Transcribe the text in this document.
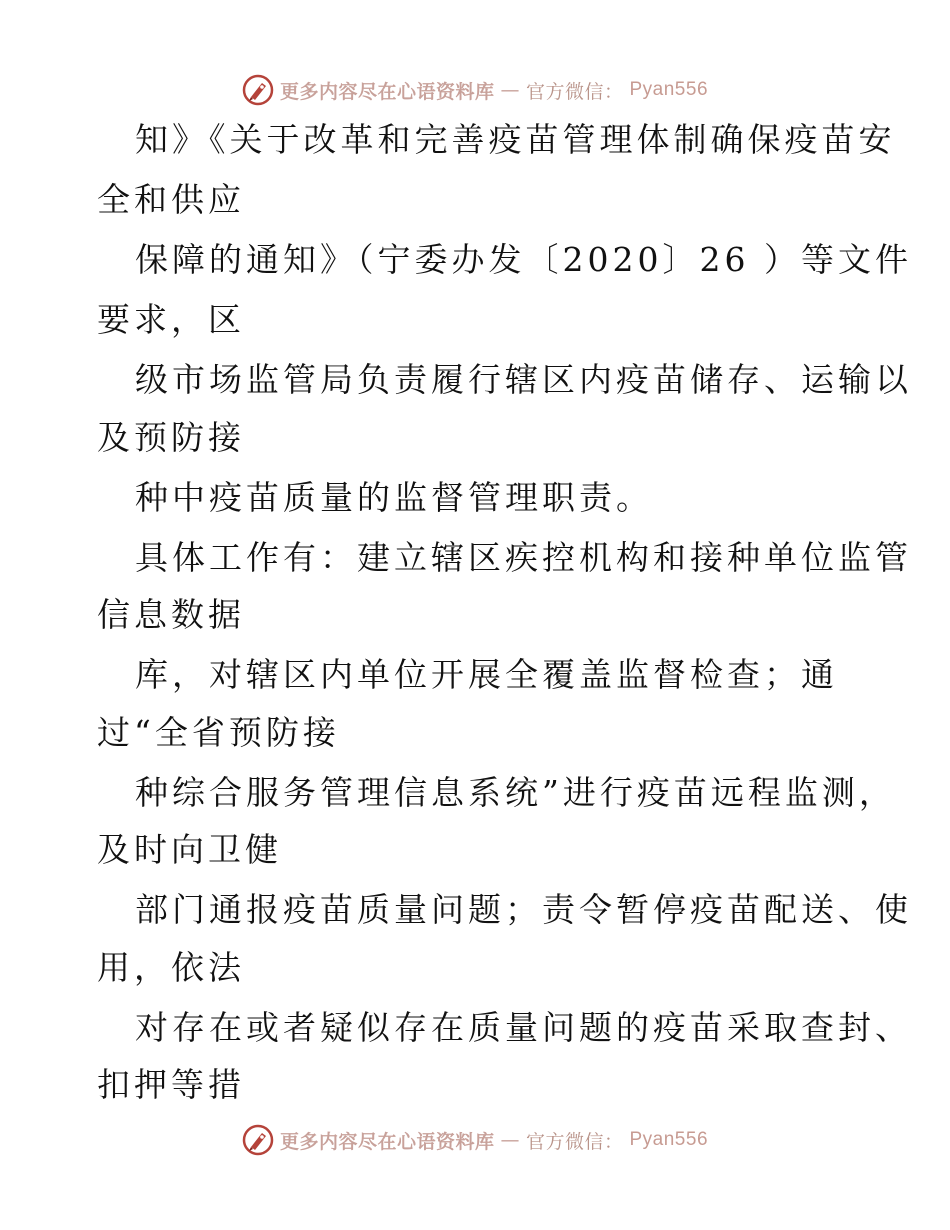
更多内容尽在心语资料库 — 官方微信： Pyan556
知》《关于改革和完善疫苗管理体制确保疫苗安
全和供应
保障的通知》（宁委办发〔2020〕26 ）等文件
要求，区
级市场监管局负责履行辖区内疫苗储存、运输以
及预防接
种中疫苗质量的监督管理职责。
具体工作有：建立辖区疾控机构和接种单位监管
信息数据
库，对辖区内单位开展全覆盖监督检查；通
过“全省预防接
种综合服务管理信息系统”进行疫苗远程监测，
及时向卫健
部门通报疫苗质量问题；责令暂停疫苗配送、使
用，依法
对存在或者疑似存在质量问题的疫苗采取查封、
扣押等措
更多内容尽在心语资料库 — 官方微信： Pyan556
